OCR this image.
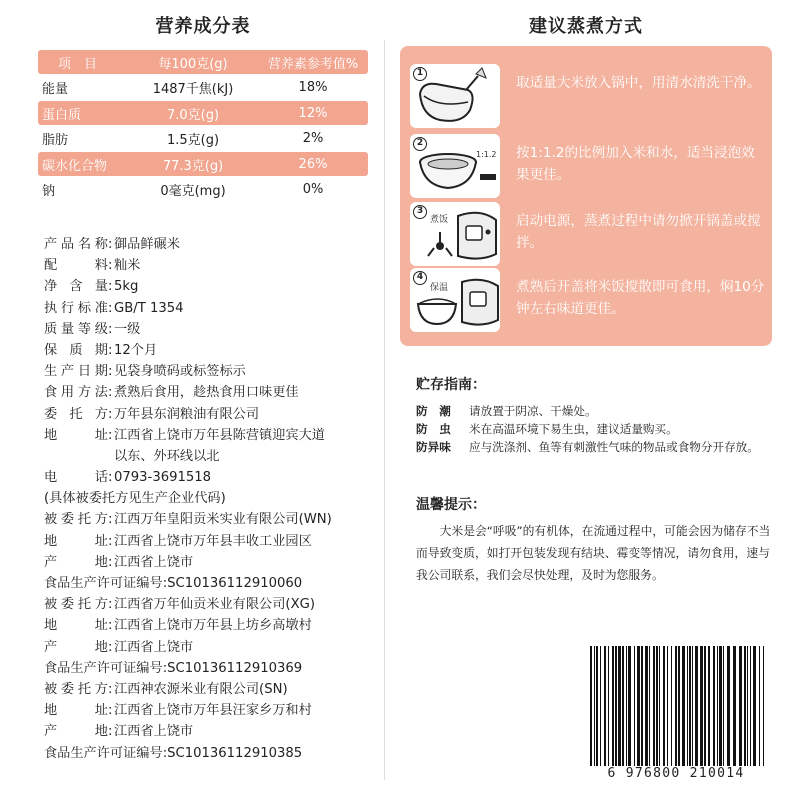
营养成分表
项　目	每100克(g)	营养素参考值%
能量	1487千焦(kJ)	18%
蛋白质	7.0克(g)	12%
脂肪	1.5克(g)	2%
碳水化合物	77.3克(g)	26%
钠	0毫克(mg)	0%
产品名称 : 御品鲜碾米
配　料 : 籼米
净 含 量 : 5kg
执行标准 : GB/T 1354
质量等级 : 一级
保 质 期 : 12个月
生产日期 : 见袋身喷码或标签标示
食用方法 : 煮熟后食用，趁热食用口味更佳
委 托 方 : 万年县东润粮油有限公司
地　址 : 江西省上饶市万年县陈营镇迎宾大道
以东、外环线以北
电　话 : 0793-3691518
(具体被委托方见生产企业代码)
被委托方 : 江西万年皇阳贡米实业有限公司(WN)
地　址 : 江西省上饶市万年县丰收工业园区
产　地 : 江西省上饶市
食品生产许可证编号 : SC10136112910060
被委托方 : 江西省万年仙贡米业有限公司(XG)
地　址 : 江西省上饶市万年县上坊乡高墩村
产　地 : 江西省上饶市
食品生产许可证编号 : SC10136112910369
被委托方 : 江西神农源米业有限公司(SN)
地　址 : 江西省上饶市万年县汪家乡万和村
产　地 : 江西省上饶市
食品生产许可证编号 : SC10136112910385
建议蒸煮方式
1
取适量大米放入锅中，用清水清洗干净。
2
1:1.2 按1:1.2的比例加入米和水，适当浸泡效果更佳。
3
煮饭	启动电源，蒸煮过程中请勿掀开锅盖或搅拌。
4
保温	煮熟后开盖将米饭搅散即可食用，焖10分钟左右味道更佳。
贮存指南：
防　潮	请放置于阴凉、干燥处。
防　虫	米在高温环境下易生虫，建议适量购买。
防异味	应与洗涤剂、鱼等有刺激性气味的物品或食物分开存放。
温馨提示：
大米是会“呼吸”的有机体，在流通过程中，可能会因为储存不当而导致变质，如打开包装发现有结块、霉变等情况，请勿食用，速与我公司联系，我们会尽快处理，及时为您服务。
6 976800 210014
